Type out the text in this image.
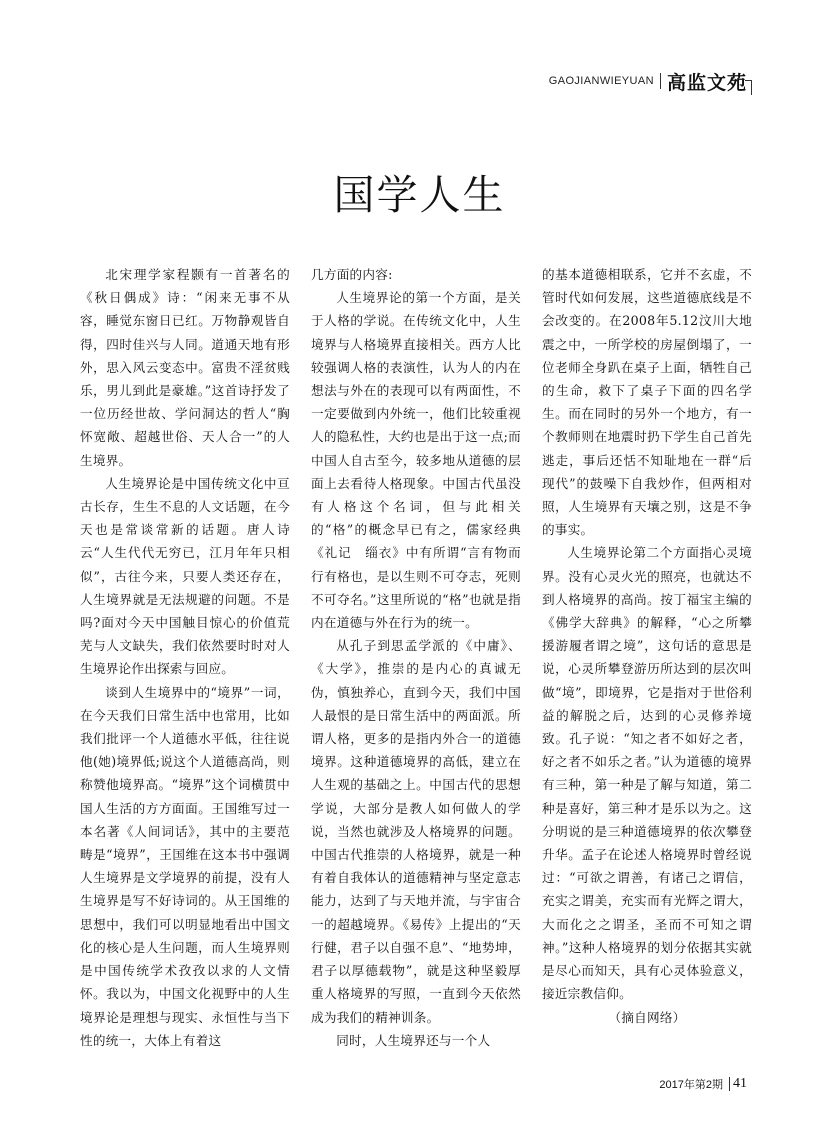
GAOJIANWIEYUAN 高监文苑
国学人生

北宋理学家程颢有一首著名的《秋日偶成》诗：“闲来无事不从容，睡觉东窗日已红。万物静观皆自得，四时佳兴与人同。道通天地有形外，思入风云变态中。富贵不淫贫贱乐，男儿到此是豪雄。”这首诗抒发了一位历经世故、学问洞达的哲人“胸怀宽敞、超越世俗、天人合一”的人生境界。

人生境界论是中国传统文化中亘古长存，生生不息的人文话题，在今天也是常谈常新的话题。唐人诗云“人生代代无穷已，江月年年只相似”，古往今来，只要人类还存在，人生境界就是无法规避的问题。不是吗?面对今天中国触目惊心的价值荒芜与人文缺失，我们依然要时时对人生境界论作出探索与回应。

谈到人生境界中的“境界”一词，在今天我们日常生活中也常用，比如我们批评一个人道德水平低，往往说他(她)境界低;说这个人道德高尚，则称赞他境界高。“境界”这个词横贯中国人生活的方方面面。王国维写过一本名著《人间词话》，其中的主要范畴是“境界”，王国维在这本书中强调人生境界是文学境界的前提，没有人生境界是写不好诗词的。从王国维的思想中，我们可以明显地看出中国文化的核心是人生问题，而人生境界则是中国传统学术孜孜以求的人文情怀。我以为，中国文化视野中的人生境界论是理想与现实、永恒性与当下性的统一，大体上有着这

几方面的内容:

人生境界论的第一个方面，是关于人格的学说。在传统文化中，人生境界与人格境界直接相关。西方人比较强调人格的表演性，认为人的内在想法与外在的表现可以有两面性，不一定要做到内外统一，他们比较重视人的隐私性，大约也是出于这一点;而中国人自古至今，较多地从道德的层面上去看待人格现象。中国古代虽没有人格这个名词，但与此相关的“格”的概念早已有之，儒家经典《礼记　缁衣》中有所谓“言有物而行有格也，是以生则不可夺志，死则不可夺名。”这里所说的“格”也就是指内在道德与外在行为的统一。

从孔子到思孟学派的《中庸》、《大学》，推崇的是内心的真诚无伪，慎独养心，直到今天，我们中国人最恨的是日常生活中的两面派。所谓人格，更多的是指内外合一的道德境界。这种道德境界的高低，建立在人生观的基础之上。中国古代的思想学说，大部分是教人如何做人的学说，当然也就涉及人格境界的问题。中国古代推崇的人格境界，就是一种有着自我体认的道德精神与坚定意志能力，达到了与天地并流，与宇宙合一的超越境界。《易传》上提出的“天行健，君子以自强不息”、“地势坤，君子以厚德载物”，就是这种坚毅厚重人格境界的写照，一直到今天依然成为我们的精神训条。

同时，人生境界还与一个人

的基本道德相联系，它并不玄虚，不管时代如何发展，这些道德底线是不会改变的。在2008年5.12汶川大地震之中，一所学校的房屋倒塌了，一位老师全身趴在桌子上面，牺牲自己的生命，救下了桌子下面的四名学生。而在同时的另外一个地方，有一个教师则在地震时扔下学生自己首先逃走，事后还恬不知耻地在一群“后现代”的鼓噪下自我炒作，但两相对照，人生境界有天壤之别，这是不争的事实。

人生境界论第二个方面指心灵境界。没有心灵火光的照亮，也就达不到人格境界的高尚。按丁福宝主编的《佛学大辞典》的解释，“心之所攀援游履者谓之境”，这句话的意思是说，心灵所攀登游历所达到的层次叫做“境”，即境界，它是指对于世俗利益的解脱之后，达到的心灵修养境致。孔子说：“知之者不如好之者，好之者不如乐之者。”认为道德的境界有三种，第一种是了解与知道，第二种是喜好，第三种才是乐以为之。这分明说的是三种道德境界的依次攀登升华。孟子在论述人格境界时曾经说过：“可欲之谓善，有诸己之谓信，充实之谓美，充实而有光辉之谓大，大而化之之谓圣，圣而不可知之谓神。”这种人格境界的划分依据其实就是尽心而知天，具有心灵体验意义，接近宗教信仰。

（摘自网络）

2017年第2期 41
